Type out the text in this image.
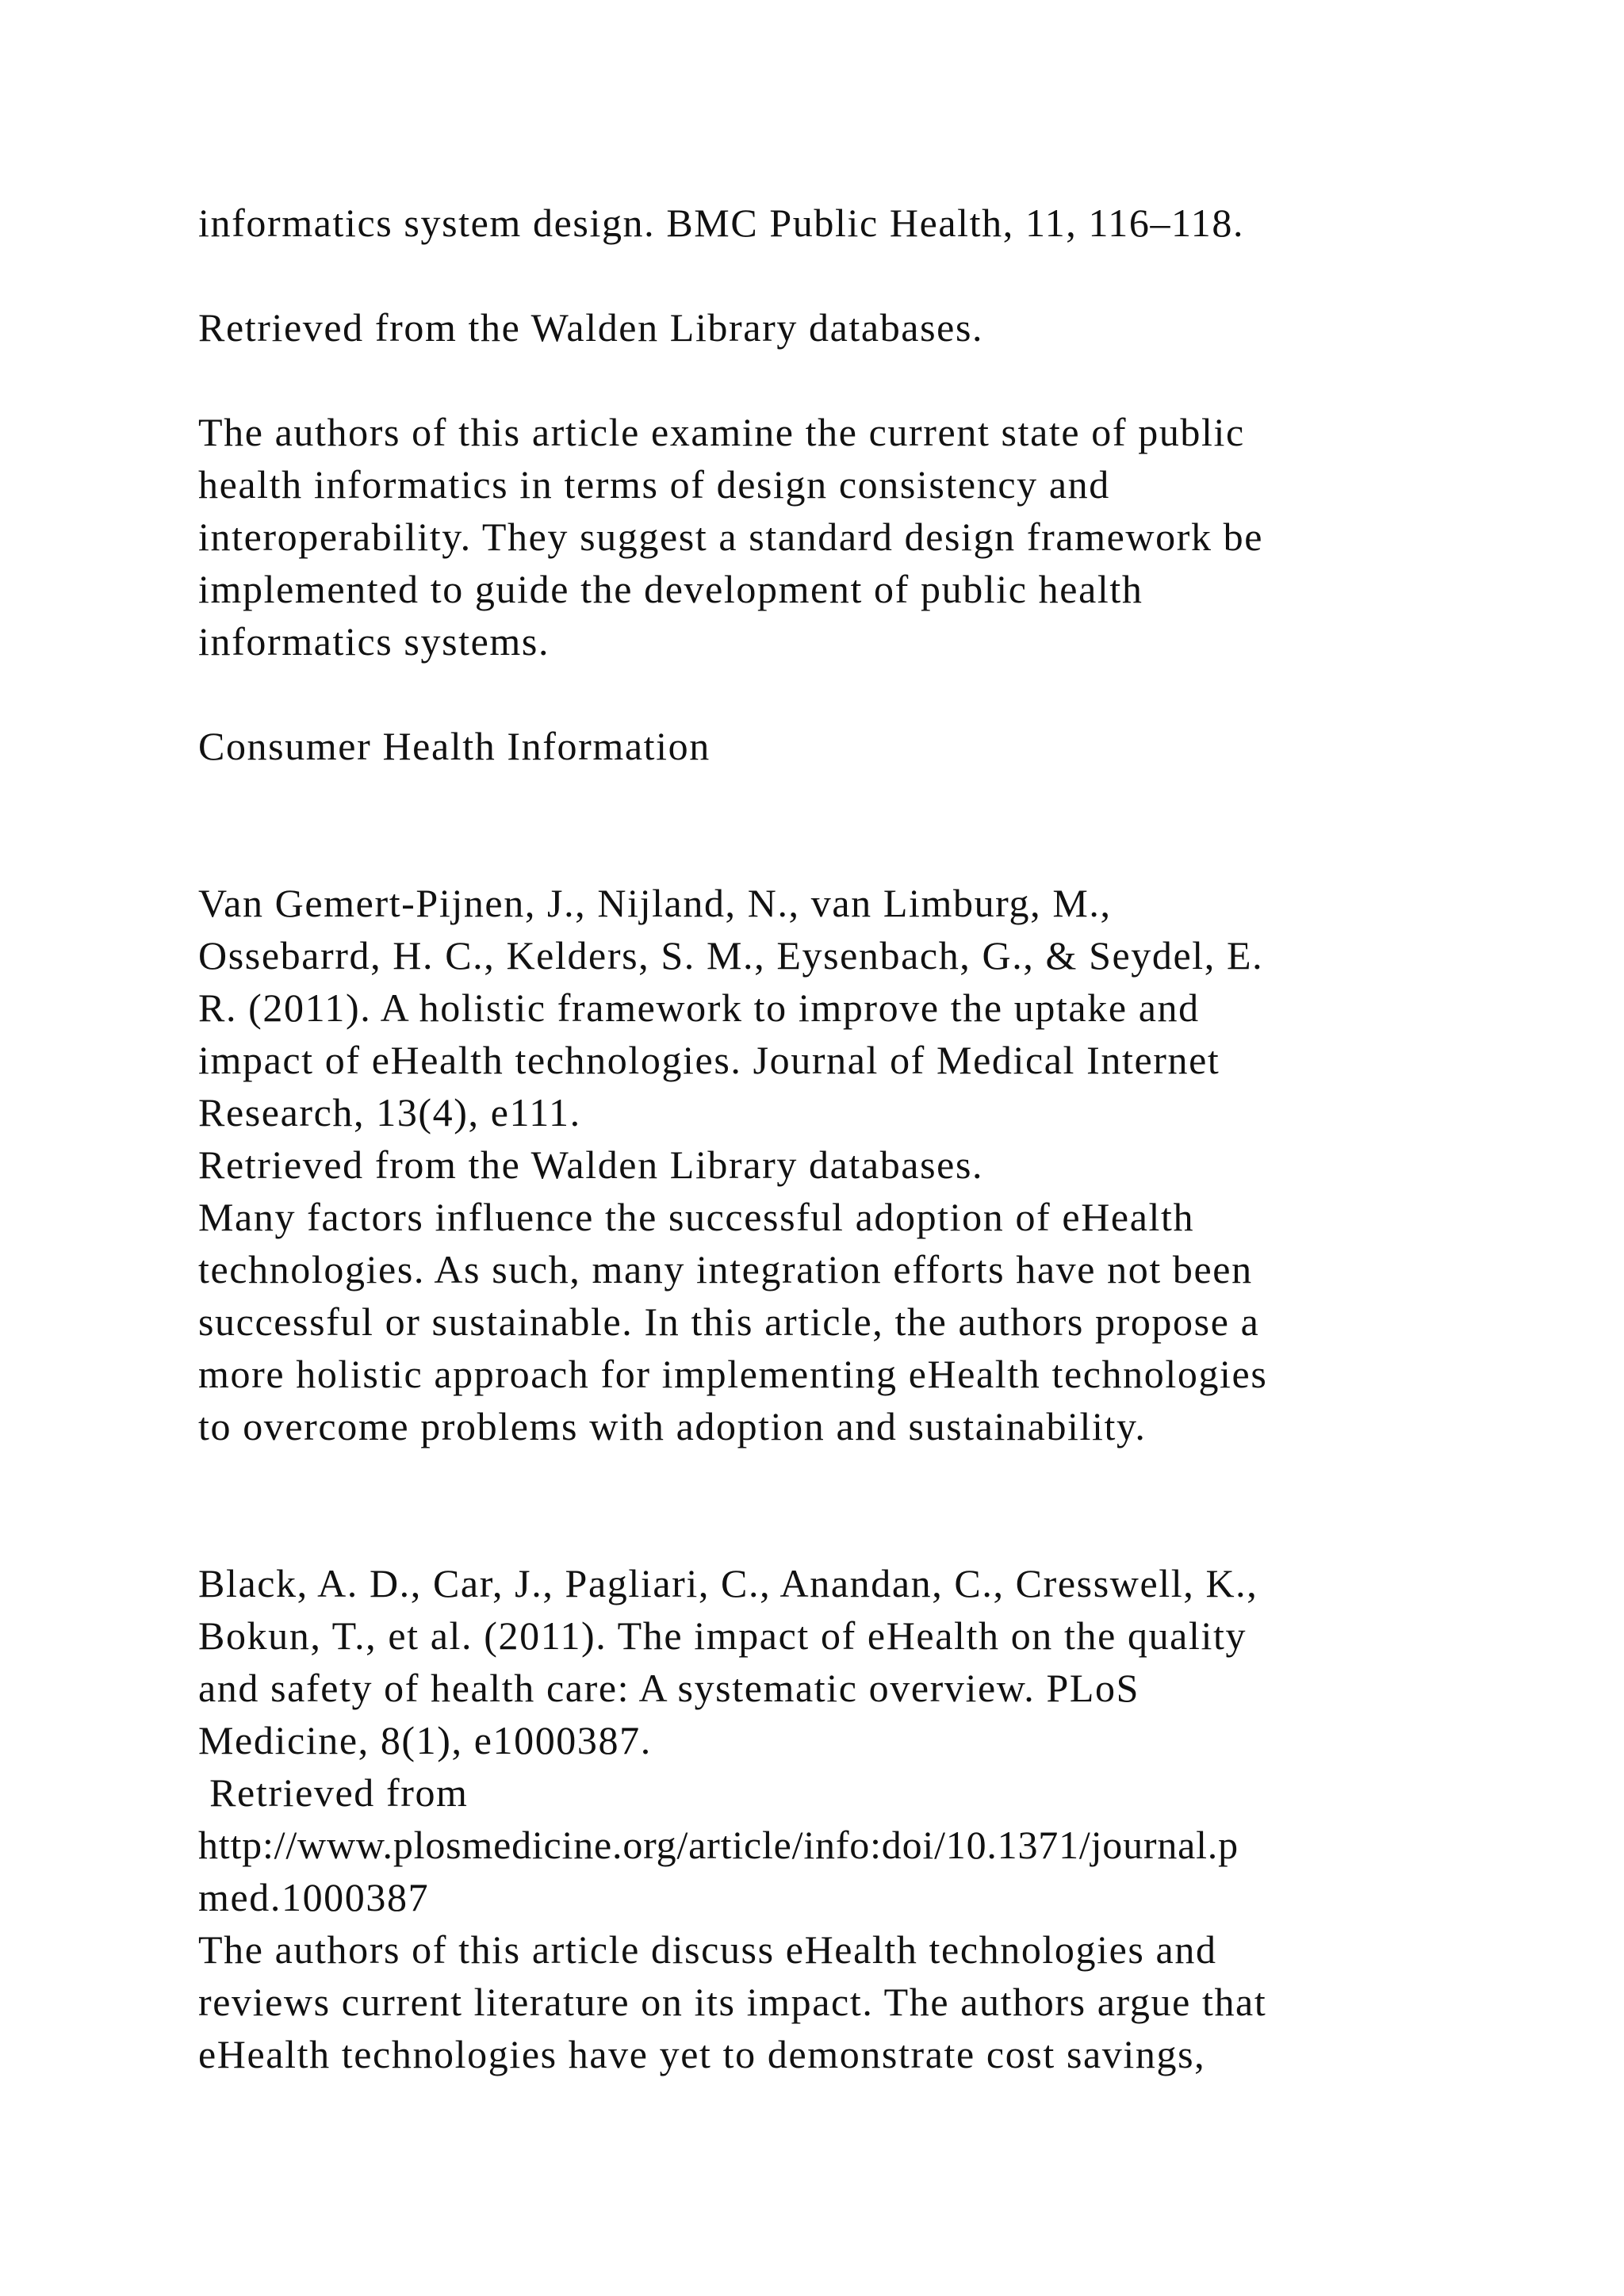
informatics system design. BMC Public Health, 11, 116–118.

Retrieved from the Walden Library databases.

The authors of this article examine the current state of public

health informatics in terms of design consistency and

interoperability. They suggest a standard design framework be

implemented to guide the development of public health

informatics systems.

Consumer Health Information

Van Gemert-Pijnen, J., Nijland, N., van Limburg, M.,

Ossebarrd, H. C., Kelders, S. M., Eysenbach, G., & Seydel, E.

R. (2011). A holistic framework to improve the uptake and

impact of eHealth technologies. Journal of Medical Internet

Research, 13(4), e111.

Retrieved from the Walden Library databases.

Many factors influence the successful adoption of eHealth

technologies. As such, many integration efforts have not been

successful or sustainable. In this article, the authors propose a

more holistic approach for implementing eHealth technologies

to overcome problems with adoption and sustainability.

Black, A. D., Car, J., Pagliari, C., Anandan, C., Cresswell, K.,

Bokun, T., et al. (2011). The impact of eHealth on the quality

and safety of health care: A systematic overview. PLoS

Medicine, 8(1), e1000387.

Retrieved from

http://www.plosmedicine.org/article/info:doi/10.1371/journal.p

med.1000387

The authors of this article discuss eHealth technologies and

reviews current literature on its impact. The authors argue that

eHealth technologies have yet to demonstrate cost savings,
